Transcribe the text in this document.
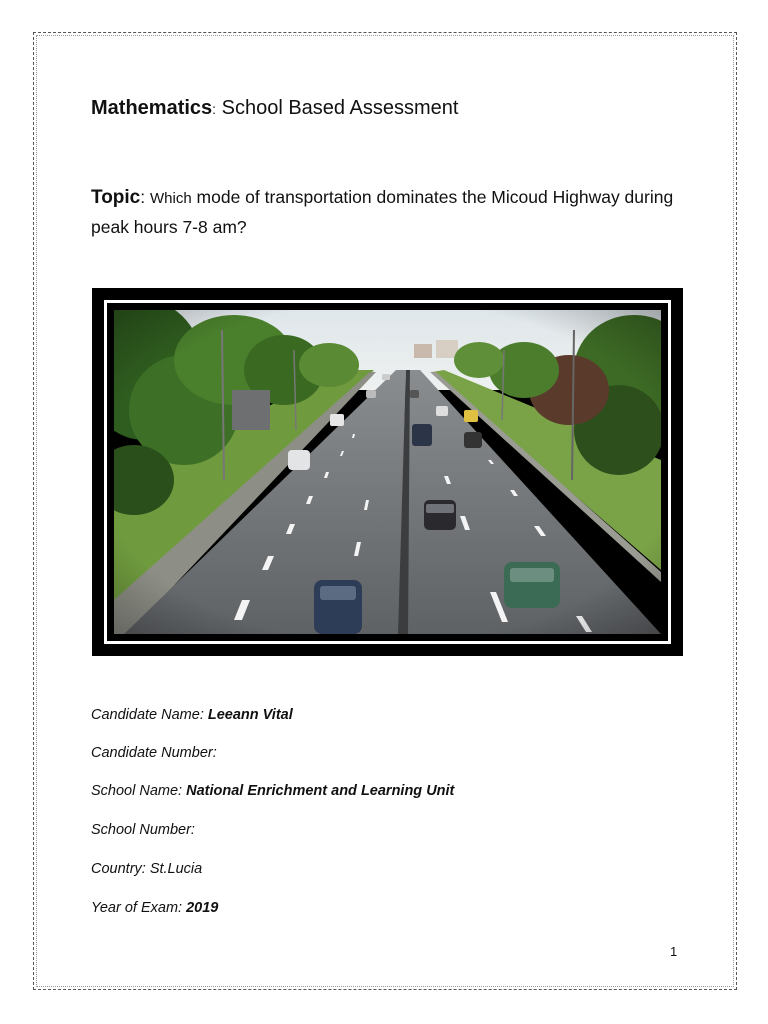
Mathematics: School Based Assessment
Topic: Which mode of transportation dominates the Micoud Highway during peak hours 7-8 am?
Candidate Name: Leeann Vital
Candidate Number:
School Name: National Enrichment and Learning Unit
School Number:
Country: St.Lucia
Year of Exam: 2019
1
